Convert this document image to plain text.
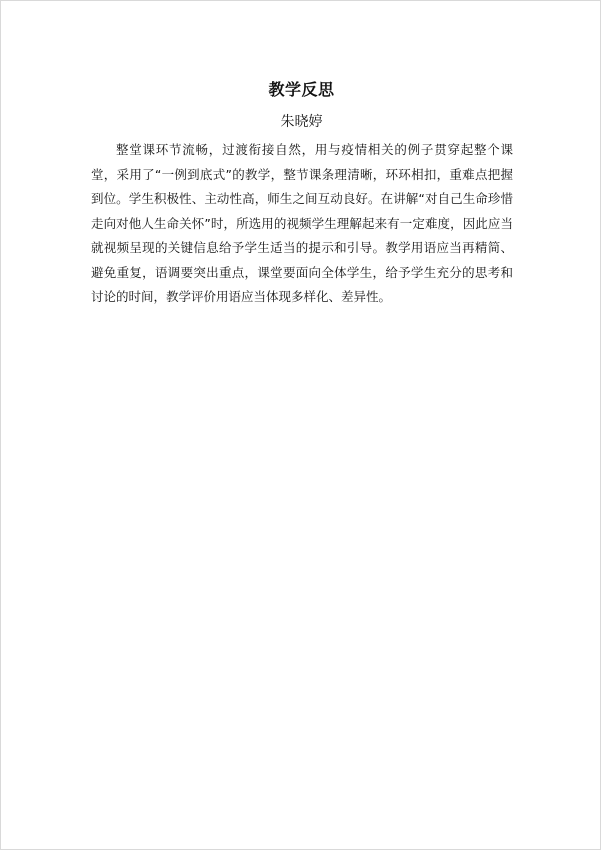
教学反思
朱晓婷

整堂课环节流畅，过渡衔接自然，用与疫情相关的例子贯穿起整个课堂，采用了“一例到底式”的教学，整节课条理清晰，环环相扣，重难点把握到位。学生积极性、主动性高，师生之间互动良好。在讲解“对自己生命珍惜走向对他人生命关怀”时，所选用的视频学生理解起来有一定难度，因此应当就视频呈现的关键信息给予学生适当的提示和引导。教学用语应当再精简、避免重复，语调要突出重点，课堂要面向全体学生，给予学生充分的思考和讨论的时间，教学评价用语应当体现多样化、差异性。
